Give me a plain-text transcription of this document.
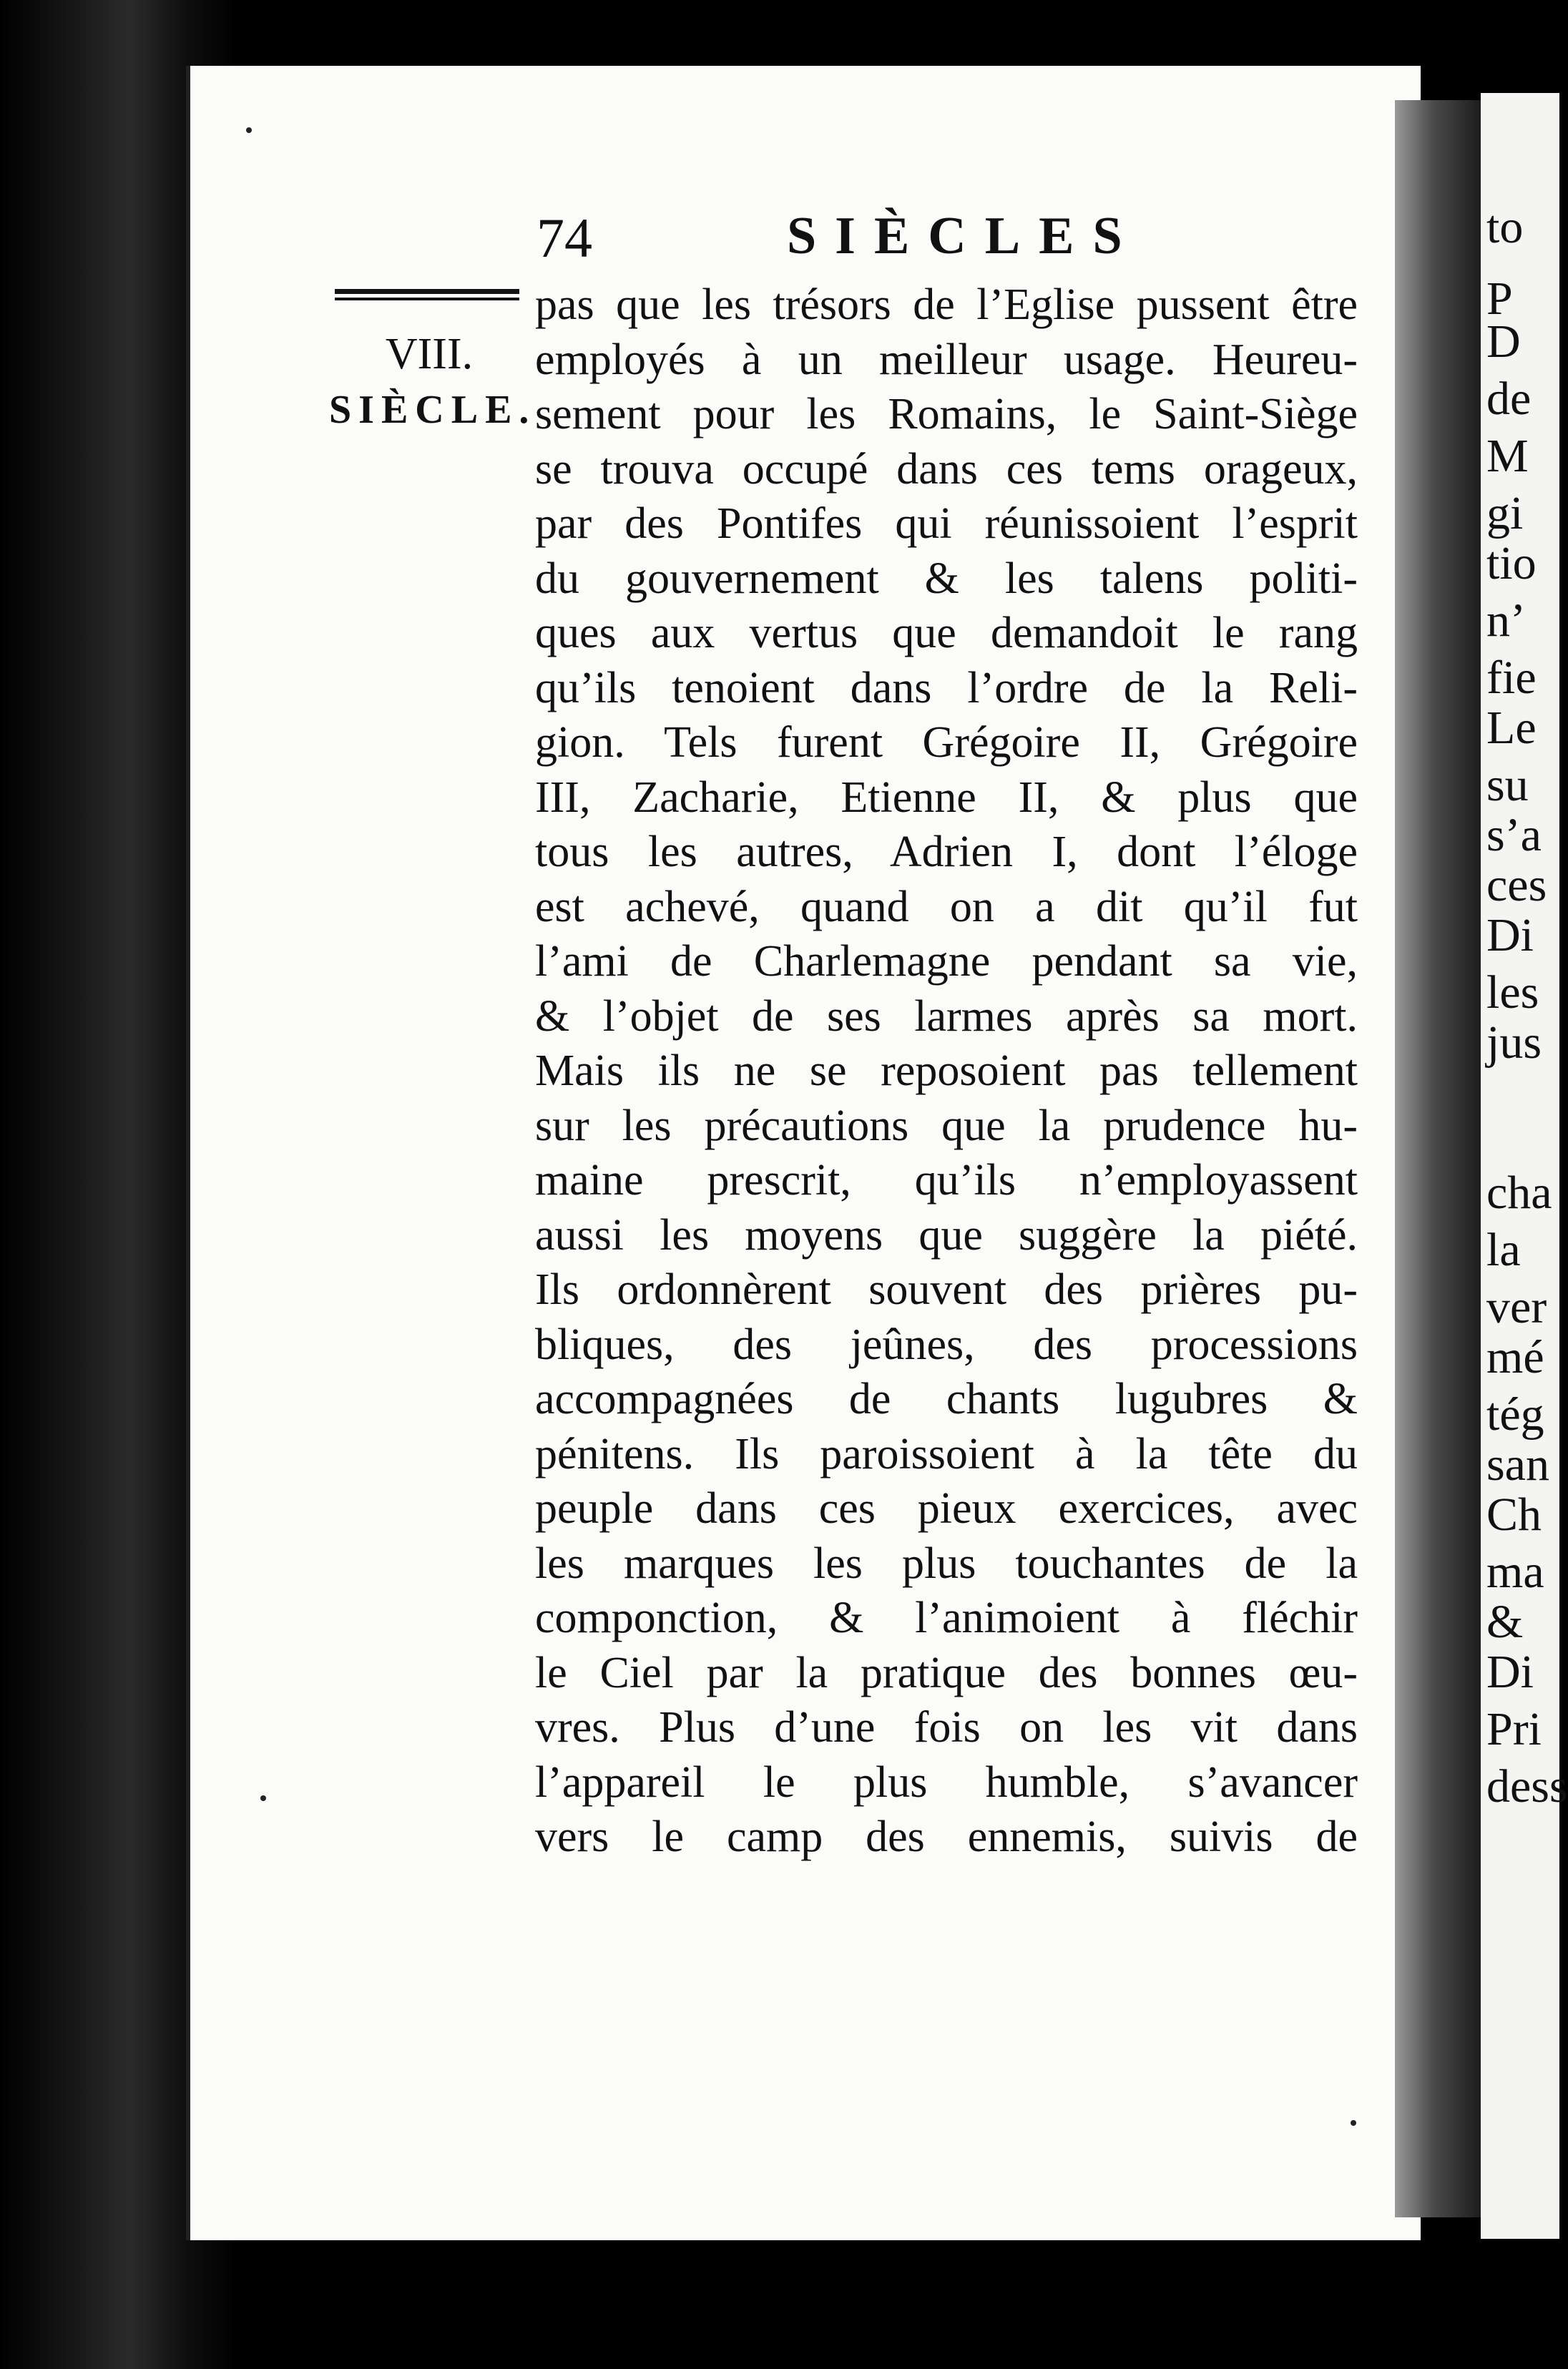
to
P
D
de
M
gi
tio
n’
fie
Le
su
s’a
ces
Di
les
jus
cha
la
ver
mé
tég
san
Ch
ma
&
Di
Pri
dess
74	SIÈCLES
VIII.
SIÈCLE.
pas que les trésors de l’Eglise pussent être
employés à un meilleur usage. Heureu-
sement pour les Romains, le Saint-Siège
se trouva occupé dans ces tems orageux,
par des Pontifes qui réunissoient l’esprit
du gouvernement & les talens politi-
ques aux vertus que demandoit le rang
qu’ils tenoient dans l’ordre de la Reli-
gion. Tels furent Grégoire II, Grégoire
III, Zacharie, Etienne II, & plus que
tous les autres, Adrien I, dont l’éloge
est achevé, quand on a dit qu’il fut
l’ami de Charlemagne pendant sa vie,
& l’objet de ses larmes après sa mort.
Mais ils ne se reposoient pas tellement
sur les précautions que la prudence hu-
maine prescrit, qu’ils n’employassent
aussi les moyens que suggère la piété.
Ils ordonnèrent souvent des prières pu-
bliques, des jeûnes, des processions
accompagnées de chants lugubres &
pénitens. Ils paroissoient à la tête du
peuple dans ces pieux exercices, avec
les marques les plus touchantes de la
componction, & l’animoient à fléchir
le Ciel par la pratique des bonnes œu-
vres. Plus d’une fois on les vit dans
l’appareil le plus humble, s’avancer
vers le camp des ennemis, suivis de
